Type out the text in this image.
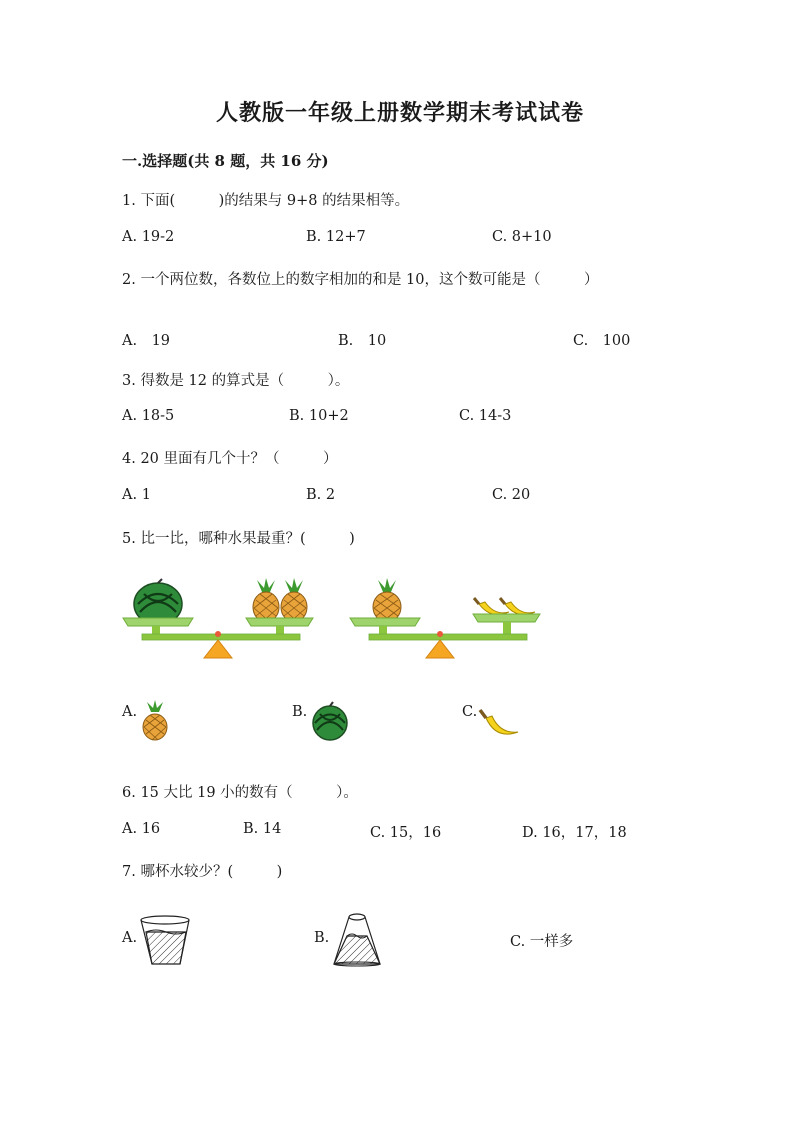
人教版一年级上册数学期末考试试卷
一.选择题(共 8 题，共 16 分)
1. 下面(　　　)的结果与 9+8 的结果相等。
A. 19-2	B. 12+7	C. 8+10
2. 一个两位数，各数位上的数字相加的和是 10，这个数可能是（　　　）
A.　19	B.　10	C.　100
3. 得数是 12 的算式是（　　　）。
A. 18-5	B. 10+2	C. 14-3
4. 20 里面有几个十？（　　　）
A. 1	B. 2	C. 20
5. 比一比，哪种水果最重？(　　　)
A.	B.	C.
6. 15 大比 19 小的数有（　　　）。
A. 16	B. 14	C. 15，16	D. 16，17，18
7. 哪杯水较少？(　　　)
A.	B.	C. 一样多
